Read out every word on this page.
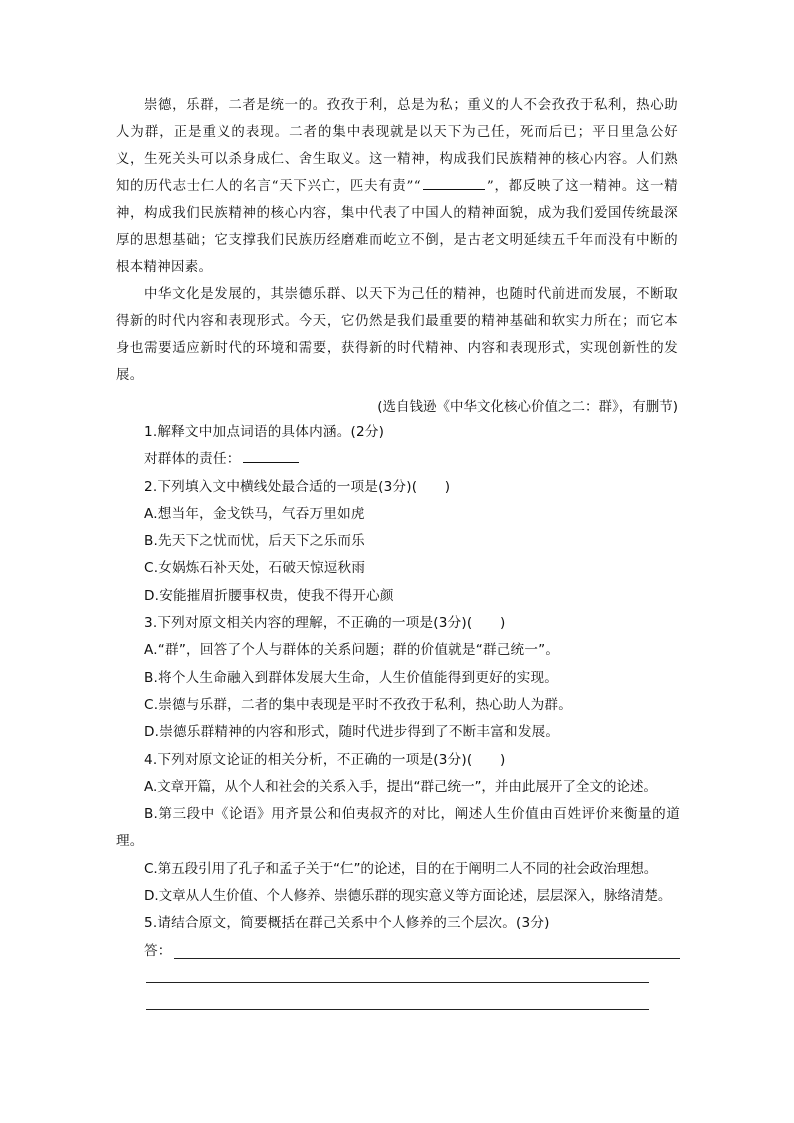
崇德，乐群，二者是统一的。孜孜于利，总是为私；重义的人不会孜孜于私利，热心助人为群，正是重义的表现。二者的集中表现就是以天下为己任，死而后已；平日里急公好义，生死关头可以杀身成仁、舍生取义。这一精神，构成我们民族精神的核心内容。人们熟知的历代志士仁人的名言“天下兴亡，匹夫有责”“	”，都反映了这一精神。这一精神，构成我们民族精神的核心内容，集中代表了中国人的精神面貌，成为我们爱国传统最深厚的思想基础；它支撑我们民族历经磨难而屹立不倒，是古老文明延续五千年而没有中断的根本精神因素。

中华文化是发展的，其崇德乐群、以天下为己任的精神，也随时代前进而发展，不断取得新的时代内容和表现形式。今天，它仍然是我们最重要的精神基础和软实力所在；而它本身也需要适应新时代的环境和需要，获得新的时代精神、内容和表现形式，实现创新性的发展。

(选自钱逊《中华文化核心价值之二：群》，有删节)
1.解释文中加点词语的具体内涵。(2分)
对群体的责任：
2.下列填入文中横线处最合适的一项是(3分)(　　)
A.想当年，金戈铁马，气吞万里如虎
B.先天下之忧而忧，后天下之乐而乐
C.女娲炼石补天处，石破天惊逗秋雨
D.安能摧眉折腰事权贵，使我不得开心颜
3.下列对原文相关内容的理解，不正确的一项是(3分)(　　)
A.“群”，回答了个人与群体的关系问题；群的价值就是“群己统一”。
B.将个人生命融入到群体发展大生命，人生价值能得到更好的实现。
C.崇德与乐群，二者的集中表现是平时不孜孜于私利，热心助人为群。
D.崇德乐群精神的内容和形式，随时代进步得到了不断丰富和发展。
4.下列对原文论证的相关分析，不正确的一项是(3分)(　　)
A.文章开篇，从个人和社会的关系入手，提出“群己统一”，并由此展开了全文的论述。
B.第三段中《论语》用齐景公和伯夷叔齐的对比，阐述人生价值由百姓评价来衡量的道理。
C.第五段引用了孔子和孟子关于“仁”的论述，目的在于阐明二人不同的社会政治理想。
D.文章从人生价值、个人修养、崇德乐群的现实意义等方面论述，层层深入，脉络清楚。
5.请结合原文，简要概括在群己关系中个人修养的三个层次。(3分)
答：
